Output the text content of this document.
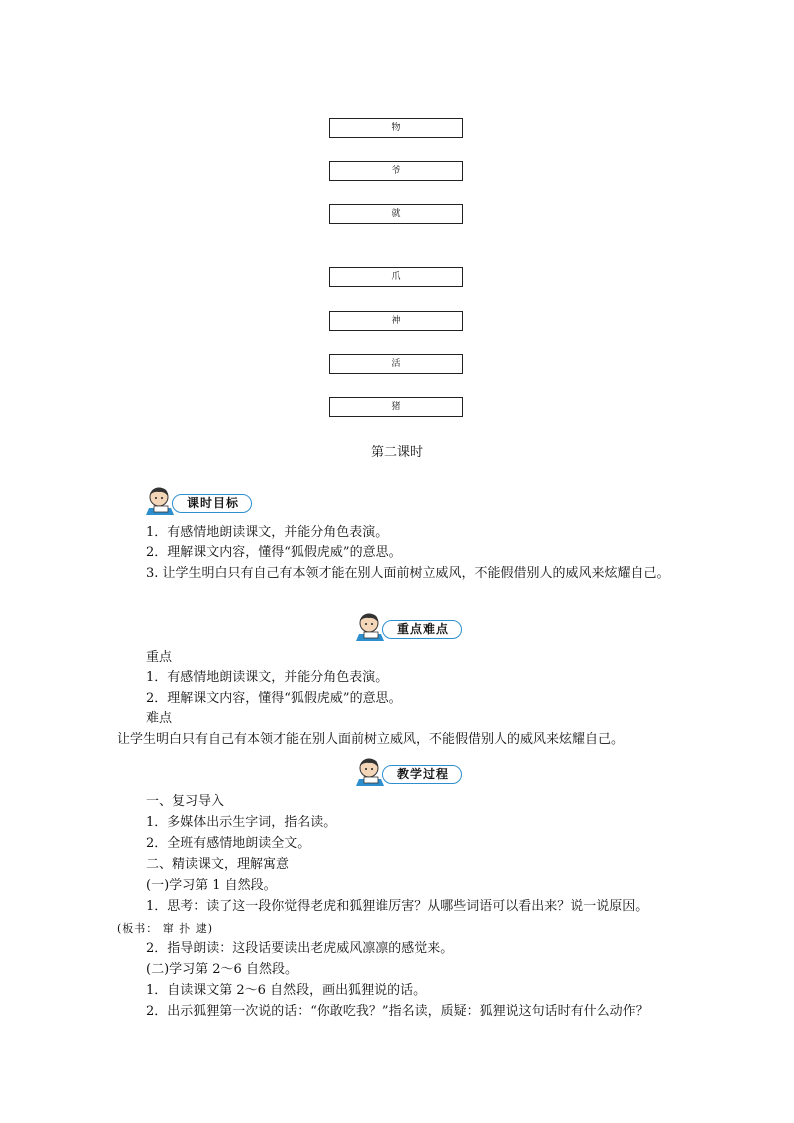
物
爷
就
爪
神
活
猪
第二课时
课时目标
1．有感情地朗读课文，并能分角色表演。
2．理解课文内容，懂得“狐假虎威”的意思。
3. 让学生明白只有自己有本领才能在别人面前树立威风，不能假借别人的威风来炫耀自己。
重点难点
重点
1．有感情地朗读课文，并能分角色表演。
2．理解课文内容，懂得“狐假虎威”的意思。
难点
让学生明白只有自己有本领才能在别人面前树立威风，不能假借别人的威风来炫耀自己。
教学过程
一、复习导入
1．多媒体出示生字词，指名读。
2．全班有感情地朗读全文。
二、精读课文，理解寓意
(一)学习第 1 自然段。
1．思考：读了这一段你觉得老虎和狐狸谁厉害？从哪些词语可以看出来？说一说原因。
(板书： 窜 扑 逮)
2．指导朗读：这段话要读出老虎威风凛凛的感觉来。
(二)学习第 2～6 自然段。
1．自读课文第 2～6 自然段，画出狐狸说的话。
2．出示狐狸第一次说的话：“你敢吃我？”指名读，质疑：狐狸说这句话时有什么动作？
